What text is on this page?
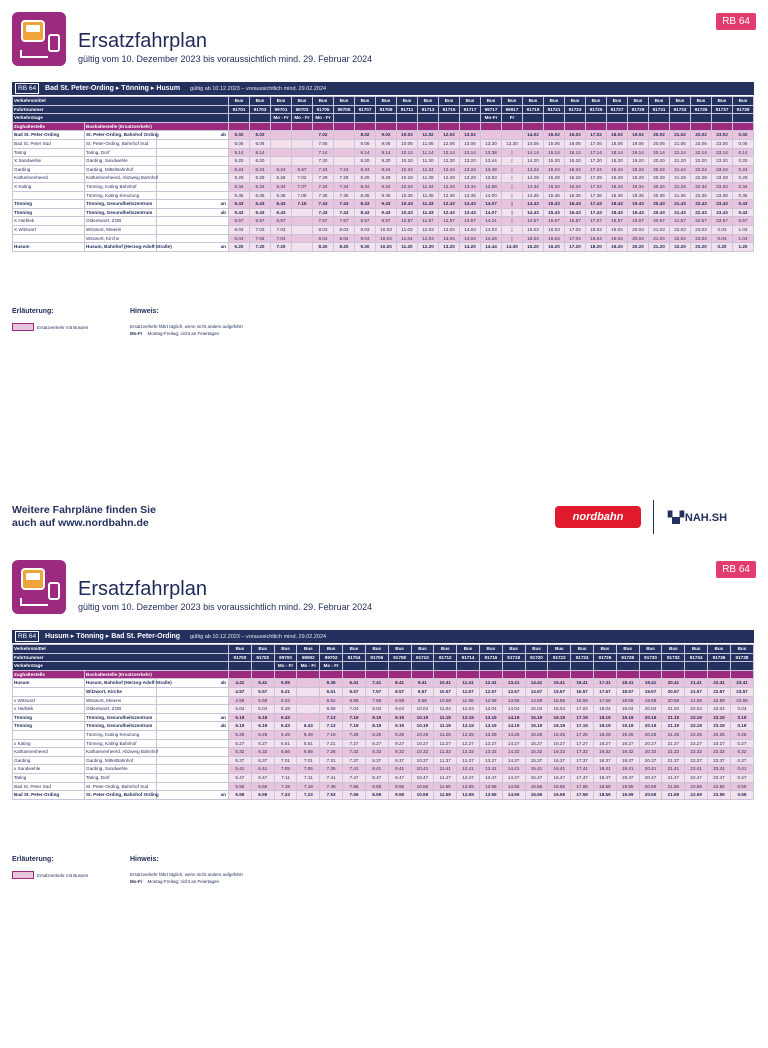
Ersatzfahrplan
gültig vom 10. Dezember 2023 bis voraussichtlich mind. 29. Februar 2024
RB 64
RB 64 Bad St. Peter-Ording ▸ Tönning ▸ Husum gültig ab 10.12.2023 – voraussichtlich mind. 29.02.2024
Verkehrsmittel			Bus	Bus	Bus	Bus	Bus	Bus	Bus	Bus	Bus	Bus	Bus	Bus	Bus	Bus	Bus	Bus	Bus	Bus	Bus	Bus	Bus	Bus	Bus	Bus	Bus
Fahrtnummer			91701	91703	99701	99703	91705	99705	91707	91709	91711	91713	91715	91717	99717	99917	91719	91721	91723	91725	91727	91729	91731	91733	91735	91737	91739
Verkehrstage					Mo - Fr	Mo - Fr	Mo - Fr								Mo-Fr	Fr											
Zughaltestelle	Bushaltestelle (Ersatzverkehr)																										
Bad St. Peter-Ording	St. Peter-Ording, Bahnhof Ording	ab	5.02	6.02			7.02		8.02	9.02	10.02	11.02	12.02	13.02			14.02	15.02	16.02	17.02	18.02	19.02	20.02	21.02	22.02	23.02	0.02
Bad St. Peter Süd	St. Peter-Ording, Bahnhof Süd		5.06	6.06			7.06		8.06	9.06	10.06	11.06	12.06	13.06	13.30	13.30	14.06	15.06	16.06	17.06	18.06	19.06	20.06	21.06	22.06	23.06	0.06
Tating	Tating, Dorf		5.14	6.14			7.14		8.14	9.14	10.14	11.14	12.14	13.14	13.38	|	14.14	15.14	16.14	17.14	18.14	19.14	20.14	21.14	22.14	23.14	0.14
X Sandwehle	Garding, Sandwehle		5.20	6.20			7.20		8.20	9.20	10.20	11.20	12.20	13.20	13.44	|	14.20	15.20	16.20	17.20	18.20	19.20	20.20	21.20	22.20	23.20	0.20
Garding	Garding, Mitte/Bahnhof		5.24	6.24	6.24	6.57	7.24	7.24	8.24	9.24	10.24	11.24	12.24	13.24	13.48	|	14.24	15.24	16.24	17.24	18.24	19.24	20.24	21.24	22.24	23.24	0.24
Katharinenheerd	Katharinenheerd, Abzweig Bahnhof		5.29	6.29	6.29	7.02	7.29	7.29	8.29	9.29	10.29	11.29	12.29	13.29	13.53	|	14.29	15.29	16.29	17.29	18.29	19.29	20.29	21.29	22.29	23.29	0.29
X Kating	Tönning, Kating Bahnhof		5.34	6.34	6.34	7.07	7.34	7.34	8.34	9.34	10.34	11.34	12.34	13.34	13.58	|	14.34	15.34	16.34	17.34	18.34	19.34	20.34	21.34	22.34	23.34	0.34
	Tönning, Kating Kreuzung		5.36	6.36	6.36	7.09	7.36	7.36	8.36	9.36	10.36	11.36	12.36	13.36	14.00	|	14.36	15.36	16.36	17.36	18.36	19.36	20.36	21.36	22.36	23.36	0.36
Tönning	Tönning, Gesundheitszentrum	an	5.43	6.43	6.43	7.15	7.43	7.43	8.43	9.43	10.43	11.43	12.43	13.43	14.07	|	14.43	15.43	16.43	17.43	18.43	19.43	20.43	21.43	22.43	23.43	0.43
Tönning	Tönning, Gesundheitszentrum	ab	5.43	6.43	6.43		7.43	7.43	8.43	9.43	10.43	11.43	12.43	13.43	14.07	|	14.43	15.43	16.43	17.43	18.43	19.43	20.43	21.43	22.43	23.43	0.43
X Harblek	Oldenswort, ZOB		5.57	6.57	6.57		7.57	7.57	8.57	9.57	10.57	11.57	12.57	13.57	14.21	|	14.57	15.57	16.57	17.57	18.57	19.57	20.57	21.57	22.57	23.57	0.57
X Witzwort	Witzwort, Meierei		6.03	7.03	7.03		8.03	8.03	9.03	10.03	11.03	12.03	13.03	14.03	14.03	|	15.03	16.03	17.03	18.03	19.03	20.03	21.03	22.03	23.03	0.03	1.03
	Witzwort, Kirche		6.04	7.04	7.04		8.04	8.04	9.04	10.04	11.04	12.04	13.04	14.04	14.28	|	15.04	16.04	17.04	18.04	19.04	20.04	21.04	22.04	23.04	0.04	1.04
Husum	Husum, Bahnhof (Herzog-Adolf-Straße)	an	6.20	7.20	7.20		8.20	8.20	9.20	10.20	11.20	12.20	13.20	14.20	14.44	14.30	15.20	16.20	17.20	18.20	19.20	20.20	21.20	22.20	23.20	0.20	1.20
Erläuterung:
Ersatzverkehr mit Bussen
Hinweis:
Ersatzverkehr fährt täglich, wenn nicht anders aufgeführt
Mo-Fr Montag-Freitag; nicht an Feiertagen
Weitere Fahrpläne finden Sie
auch auf www.nordbahn.de	nordbahn	▚▞ NAH.SH
Ersatzfahrplan
gültig vom 10. Dezember 2023 bis voraussichtlich mind. 29. Februar 2024
RB 64
RB 64 Husum ▸ Tönning ▸ Bad St. Peter-Ording gültig ab 10.12.2023 – voraussichtlich mind. 29.02.2024
Verkehrsmittel			Bus	Bus	Bus	Bus	Bus	Bus	Bus	Bus	Bus	Bus	Bus	Bus	Bus	Bus	Bus	Bus	Bus	Bus	Bus	Bus	Bus	Bus	Bus
Fahrtnummer			91700	91702	99700	99902	99702	91704	91706	91708	91710	91712	91714	91716	91718	91720	91722	91724	91726	91728	91730	91732	91734	91736	91738
Verkehrstage					Mo - Fr	Mo - Fr	Mo - Fr																		
Zughaltestelle	Bushaltestelle (Ersatzverkehr)																								
Husum	Husum, Bahnhof (Herzog-Adolf-Straße)	ab	4.41	5.41	6.05		6.35	6.41	7.41	8.41	9.41	10.41	11.41	12.41	13.41	14.41	15.41	16.41	17.41	18.41	19.41	20.41	21.41	22.41	23.41
	Witzwort, Kirche		4.57	5.57	6.21		6.51	6.57	7.57	8.57	9.57	10.57	11.57	12.57	13.57	14.57	15.57	16.57	17.57	18.57	19.57	20.57	21.57	22.57	23.57
x Witzwort	Witzwort, Meierei		4.58	5.58	6.22		6.52	6.58	7.58	8.58	9.58	10.58	11.58	12.58	13.58	14.58	15.58	16.58	17.58	18.58	19.58	20.58	21.58	22.58	23.58
x Harblek	Oldenswort, ZOB		5.04	6.04	6.28		6.58	7.04	8.04	9.04	10.04	11.04	12.04	13.04	14.04	15.04	16.04	17.04	18.04	19.04	20.04	21.04	22.04	23.04	0.04
Tönning	Tönning, Gesundheitszentrum	an	5.19	6.19	6.43		7.13	7.19	8.19	9.19	10.19	11.19	12.19	13.19	14.19	15.19	16.19	17.19	18.19	19.19	20.19	21.19	22.19	23.19	0.19
Tönning	Tönning, Gesundheitszentrum	ab	5.19	6.19	6.43	6.43	7.13	7.19	8.19	9.19	10.19	11.19	12.19	13.19	14.19	15.19	16.19	17.19	18.19	19.19	20.19	21.19	22.19	23.19	0.19
	Tönning, Kating Kreuzung		5.25	6.25	6.49	6.49	7.19	7.25	8.25	9.25	10.25	11.25	12.25	13.25	14.25	15.25	16.25	17.25	18.25	19.25	20.25	21.25	22.25	23.25	0.25
x Kating	Tönning, Kating Bahnhof		5.27	6.27	6.51	6.51	7.21	7.27	8.27	9.27	10.27	11.27	12.27	13.27	14.27	15.27	16.27	17.27	18.27	19.27	20.27	21.27	22.27	23.27	0.27
Katharinenheerd	Katharinenheerd, Abzweig Bahnhof		5.32	6.32	6.56	6.56	7.26	7.32	8.32	9.32	10.32	11.32	12.32	13.32	14.32	15.32	16.32	17.32	18.32	19.32	20.32	21.32	22.32	23.32	0.32
Garding	Garding, Mitte/Bahnhof		5.37	6.37	7.01	7.01	7.31	7.37	8.37	9.37	10.37	11.37	12.37	13.37	14.37	15.37	16.37	17.37	18.37	19.37	20.37	21.37	22.37	23.37	0.37
x Sandwehle	Garding, Sandwehle		5.41	6.41	7.05	7.05	7.35	7.41	8.41	9.41	10.41	11.41	12.41	13.41	14.41	15.41	16.41	17.41	18.41	19.41	20.41	21.41	22.41	23.41	0.41
Tating	Tating, Dorf		5.47	6.47	7.11	7.11	7.41	7.47	8.47	9.47	10.47	11.47	12.47	13.47	14.47	15.47	16.47	17.47	18.47	19.47	20.47	21.47	22.47	23.47	0.47
Bad St. Peter Süd	St. Peter-Ording, Bahnhof Süd		5.55	6.55	7.19	7.19	7.49	7.55	8.55	9.55	10.55	11.55	12.55	13.55	14.55	15.55	16.55	17.55	18.55	19.55	20.55	21.55	22.55	23.55	0.55
Bad St. Peter-Ording	St. Peter-Ording, Bahnhof Ording	an	5.59	6.59	7.23	7.23	7.53	7.59	8.59	9.59	10.59	11.59	12.59	13.59	14.59	15.59	16.59	17.59	18.59	19.59	20.59	21.59	22.59	23.59	0.59
Erläuterung:
Ersatzverkehr mit Bussen
Hinweis:
Ersatzverkehr fährt täglich, wenn nicht anders aufgeführt
Mo-Fr Montag-Freitag; nicht an Feiertagen
